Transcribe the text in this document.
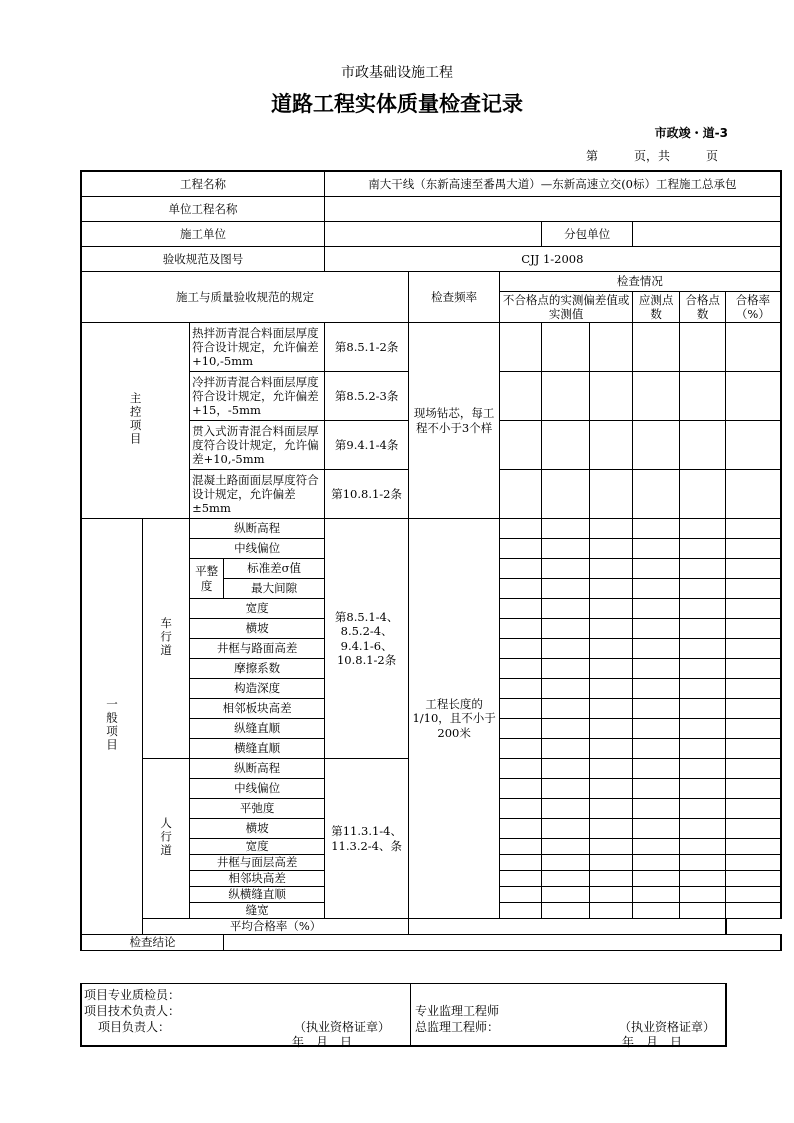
市政基础设施工程
道路工程实体质量检查记录
市政竣・道-3
第	页，共	页
工程名称				南大干线（东新高速至番禺大道）—东新高速立交(0标）工程施工总承包							
单位工程名称											
施工单位							分包单位				
验收规范及图号				CJJ 1-2008							
施工与质量验收规范的规定					检查频率	检查情况					
						不合格点的实测偏差值或实测值			应测点数	合格点数	合格率（%）
主控项目		热拌沥青混合料面层厚度符合设计规定，允许偏差+10,-5mm		第8.5.1-2条	现场钻芯，每工程不小于3个样						
		冷拌沥青混合料面层厚度符合设计规定，允许偏差+15，-5mm		第8.5.2-3条							
		贯入式沥青混合料面层厚度符合设计规定，允许偏差+10,-5mm		第9.4.1-4条							
		混凝土路面面层厚度符合设计规定，允许偏差±5mm		第10.8.1-2条							
一般项目	车行道	纵断高程		第8.5.1-4、8.5.2-4、9.4.1-6、10.8.1-2条	工程长度的1/10，且不小于200米						
		中线偏位									
		平整度	标准差σ值								
			最大间隙								
		宽度									
		横坡									
		井框与路面高差									
		摩擦系数									
		构造深度									
		相邻板块高差									
		纵缝直顺									
		横缝直顺									
	人行道	纵断高程		第11.3.1-4、11.3.2-4、条							
		中线偏位									
		平弛度									
		横坡									
		宽度									
		井框与面层高差									
		相邻块高差									
		纵横缝直顺									
		缝宽									
	平均合格率（%）										
检查结论											
项目专业质检员：
项目技术负责人：
项目负责人：	（执业资格证章）
年　月　日
专业监理工程师
总监理工程师：	（执业资格证章）
年　月　日
